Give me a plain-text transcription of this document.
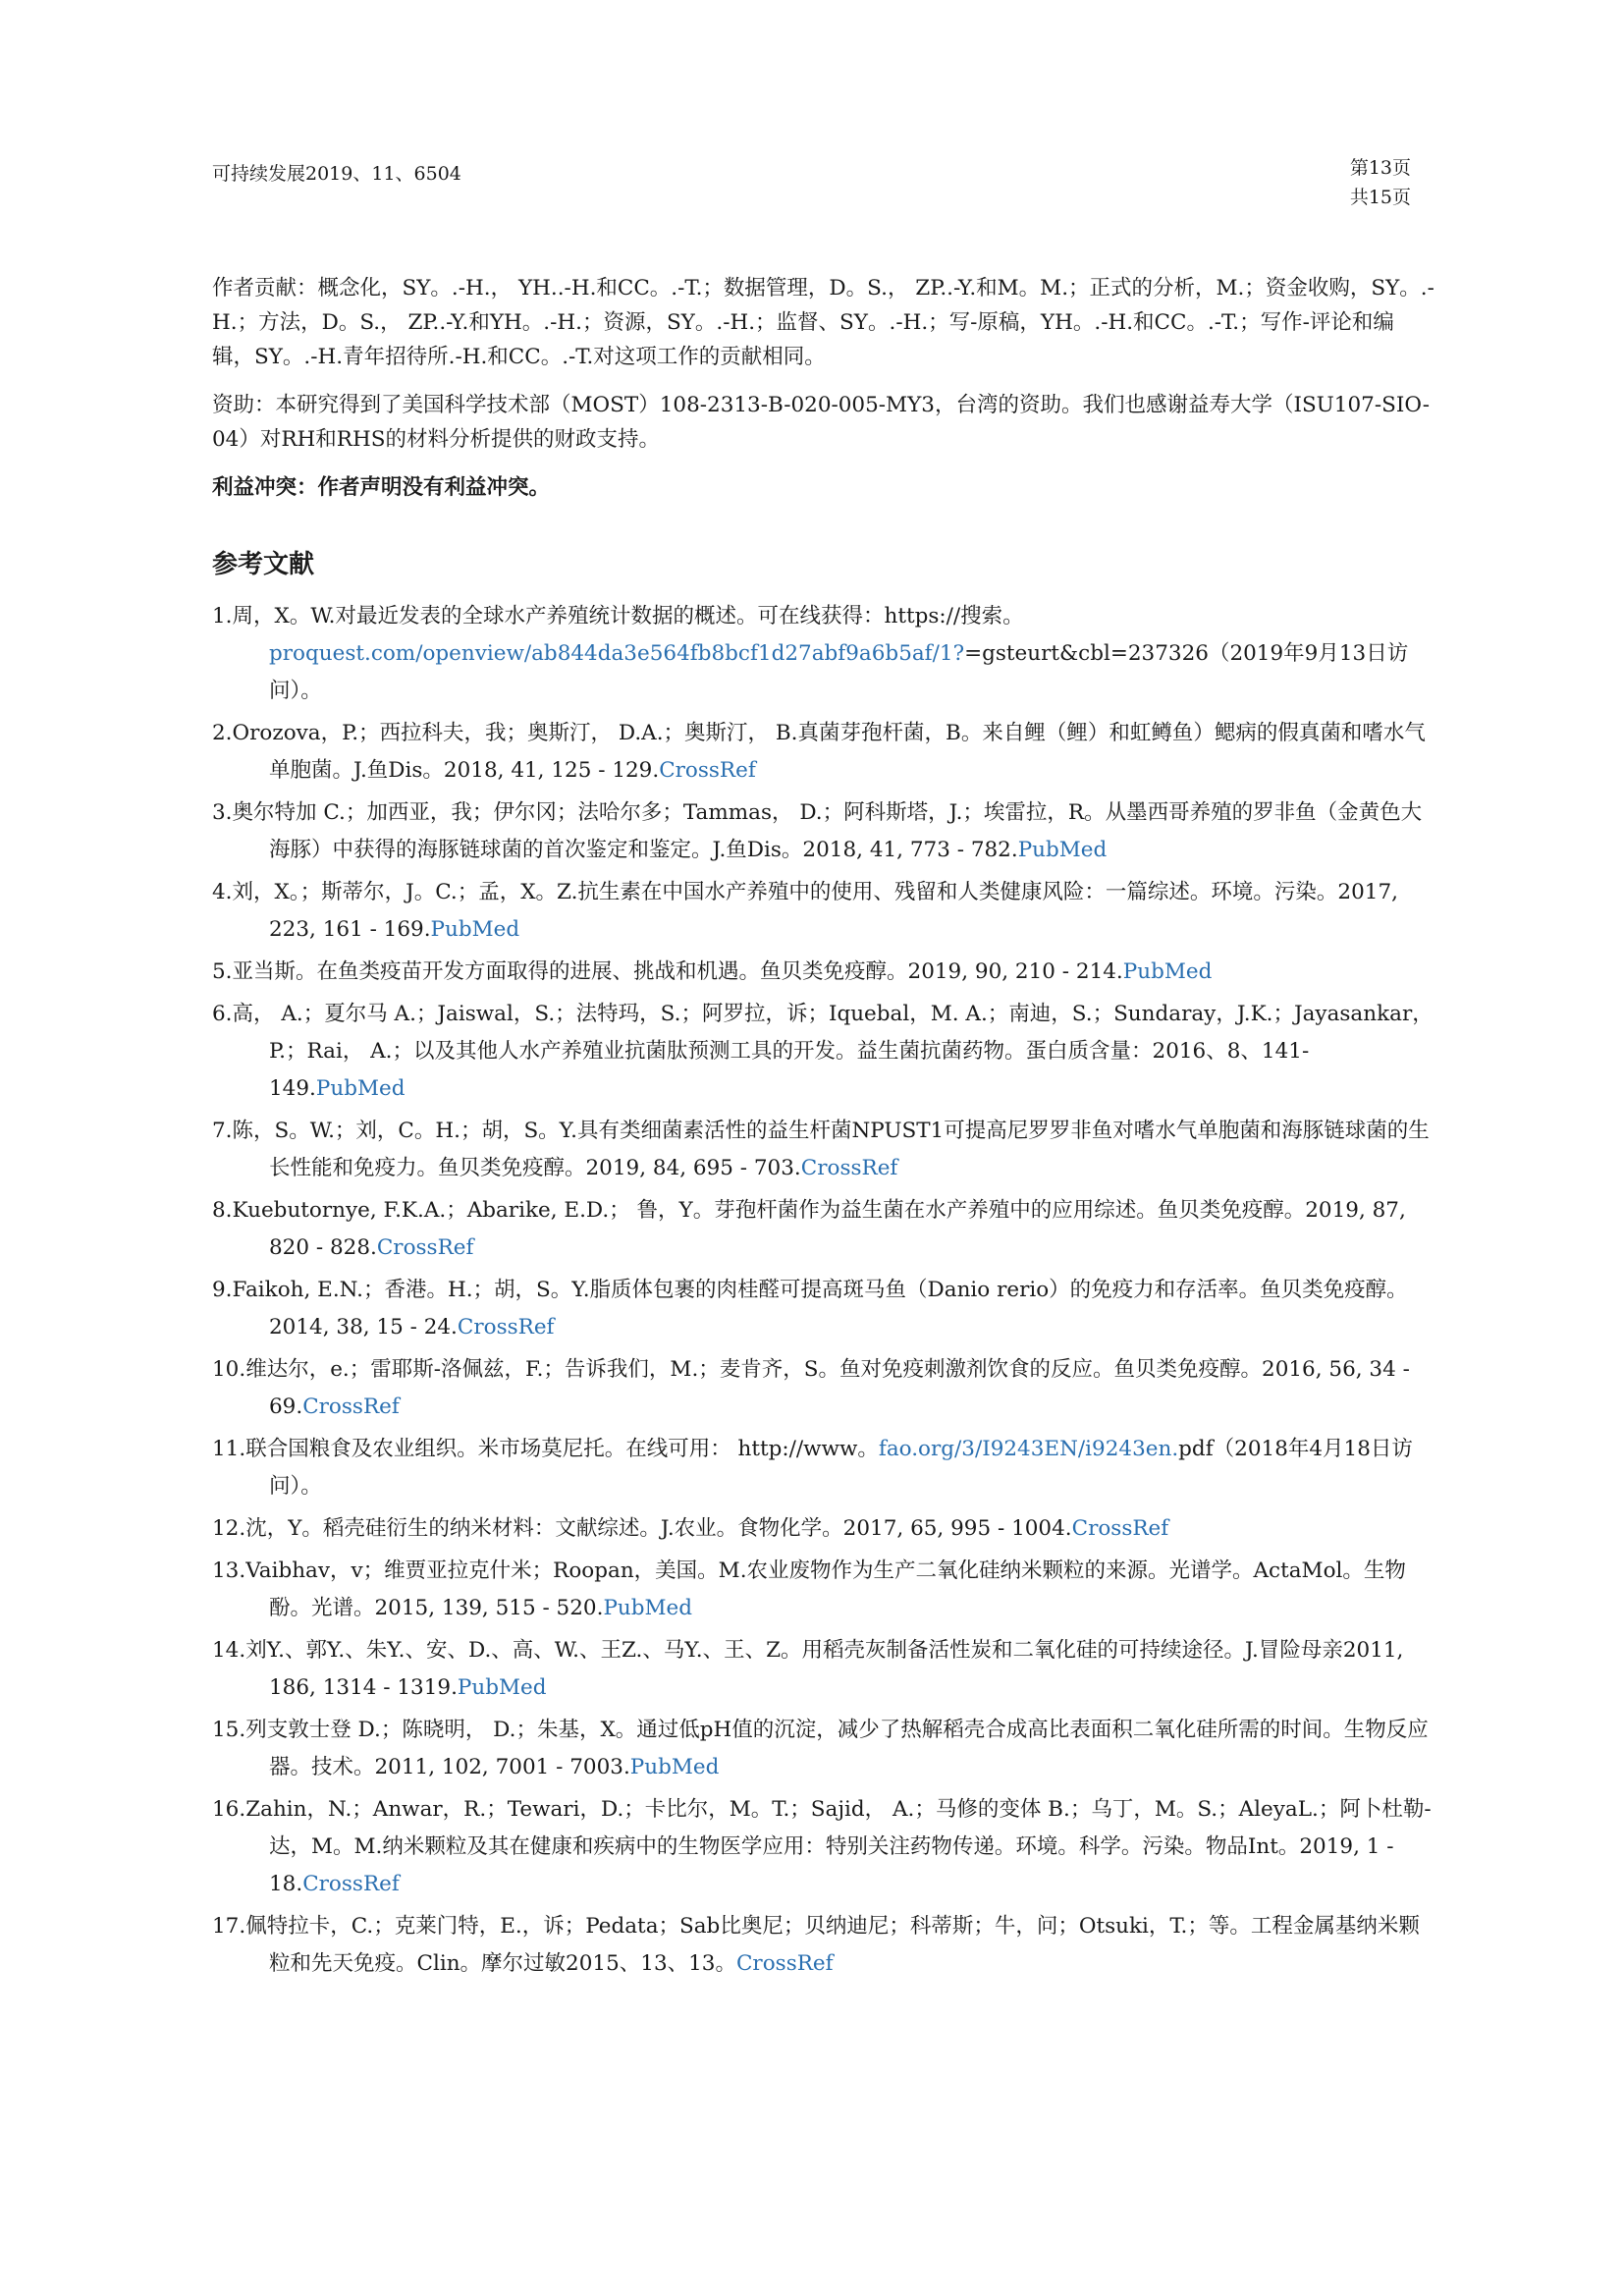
可持续发展2019、11、6504	第13页
共15页

作者贡献：概念化，SY。.-H.， YH..-H.和CC。.-T.；数据管理，D。S.， ZP..-Y.和M。M.；正式的分析，M.；资金收购，SY。.-H.；方法，D。S.， ZP..-Y.和YH。.-H.；资源，SY。.-H.；监督、SY。.-H.；写-原稿，YH。.-H.和CC。.-T.；写作-评论和编辑，SY。.-H.青年招待所.-H.和CC。.-T.对这项工作的贡献相同。

资助：本研究得到了美国科学技术部（MOST）108-2313-B-020-005-MY3，台湾的资助。我们也感谢益寿大学（ISU107-SIO-04）对RH和RHS的材料分析提供的财政支持。

利益冲突：作者声明没有利益冲突。

参考文献
1.周，X。W.对最近发表的全球水产养殖统计数据的概述。可在线获得：https://搜索。proquest.com/openview/ab844da3e564fb8bcf1d27abf9a6b5af/1?=gsteurt&cbl=237326（2019年9月13日访问）。
2.Orozova，P.；西拉科夫，我；奥斯汀， D.A.；奥斯汀， B.真菌芽孢杆菌，B。来自鲤（鲤）和虹鳟鱼）鳃病的假真菌和嗜水气单胞菌。J.鱼Dis。2018, 41, 125 - 129.CrossRef
3.奥尔特加 C.；加西亚，我；伊尔冈；法哈尔多；Tammas， D.；阿科斯塔，J.；埃雷拉，R。从墨西哥养殖的罗非鱼（金黄色大海豚）中获得的海豚链球菌的首次鉴定和鉴定。J.鱼Dis。2018, 41, 773 - 782.PubMed
4.刘，X。；斯蒂尔，J。C.；孟，X。Z.抗生素在中国水产养殖中的使用、残留和人类健康风险：一篇综述。环境。污染。2017, 223, 161 - 169.PubMed
5.亚当斯。在鱼类疫苗开发方面取得的进展、挑战和机遇。鱼贝类免疫醇。2019, 90, 210 - 214.PubMed
6.高， A.；夏尔马 A.；Jaiswal，S.；法特玛，S.；阿罗拉，诉；Iquebal，M. A.；南迪，S.；Sundaray，J.K.；Jayasankar，P.；Rai， A.；以及其他人水产养殖业抗菌肽预测工具的开发。益生菌抗菌药物。蛋白质含量：2016、8、141-149.PubMed
7.陈，S。W.；刘，C。H.；胡，S。Y.具有类细菌素活性的益生杆菌NPUST1可提高尼罗罗非鱼对嗜水气单胞菌和海豚链球菌的生长性能和免疫力。鱼贝类免疫醇。2019, 84, 695 - 703.CrossRef
8.Kuebutornye, F.K.A.；Abarike, E.D.； 鲁，Y。芽孢杆菌作为益生菌在水产养殖中的应用综述。鱼贝类免疫醇。2019, 87, 820 - 828.CrossRef
9.Faikoh, E.N.；香港。H.；胡，S。Y.脂质体包裹的肉桂醛可提高斑马鱼（Danio rerio）的免疫力和存活率。鱼贝类免疫醇。2014, 38, 15 - 24.CrossRef
10.维达尔，e.；雷耶斯-洛佩兹，F.；告诉我们，M.；麦肯齐，S。鱼对免疫刺激剂饮食的反应。鱼贝类免疫醇。2016, 56, 34 - 69.CrossRef
11.联合国粮食及农业组织。米市场莫尼托。在线可用： http://www。fao.org/3/I9243EN/i9243en.pdf（2018年4月18日访问）。
12.沈，Y。稻壳硅衍生的纳米材料：文献综述。J.农业。食物化学。2017, 65, 995 - 1004.CrossRef
13.Vaibhav，v；维贾亚拉克什米；Roopan，美国。M.农业废物作为生产二氧化硅纳米颗粒的来源。光谱学。ActaMol。生物酚。光谱。2015, 139, 515 - 520.PubMed
14.刘Y.、郭Y.、朱Y.、安、D.、高、W.、王Z.、马Y.、王、Z。用稻壳灰制备活性炭和二氧化硅的可持续途径。J.冒险母亲2011, 186, 1314 - 1319.PubMed
15.列支敦士登 D.；陈晓明， D.；朱基，X。通过低pH值的沉淀，减少了热解稻壳合成高比表面积二氧化硅所需的时间。生物反应器。技术。2011, 102, 7001 - 7003.PubMed
16.Zahin，N.；Anwar，R.；Tewari，D.；卡比尔，M。T.；Sajid， A.；马修的变体 B.；乌丁，M。S.；AleyaL.；阿卜杜勒-达，M。M.纳米颗粒及其在健康和疾病中的生物医学应用：特别关注药物传递。环境。科学。污染。物品Int。2019, 1 - 18.CrossRef
17.佩特拉卡，C.；克莱门特，E.，诉；Pedata；Sab比奥尼；贝纳迪尼；科蒂斯；牛，问；Otsuki，T.；等。工程金属基纳米颗粒和先天免疫。Clin。摩尔过敏2015、13、13。CrossRef
